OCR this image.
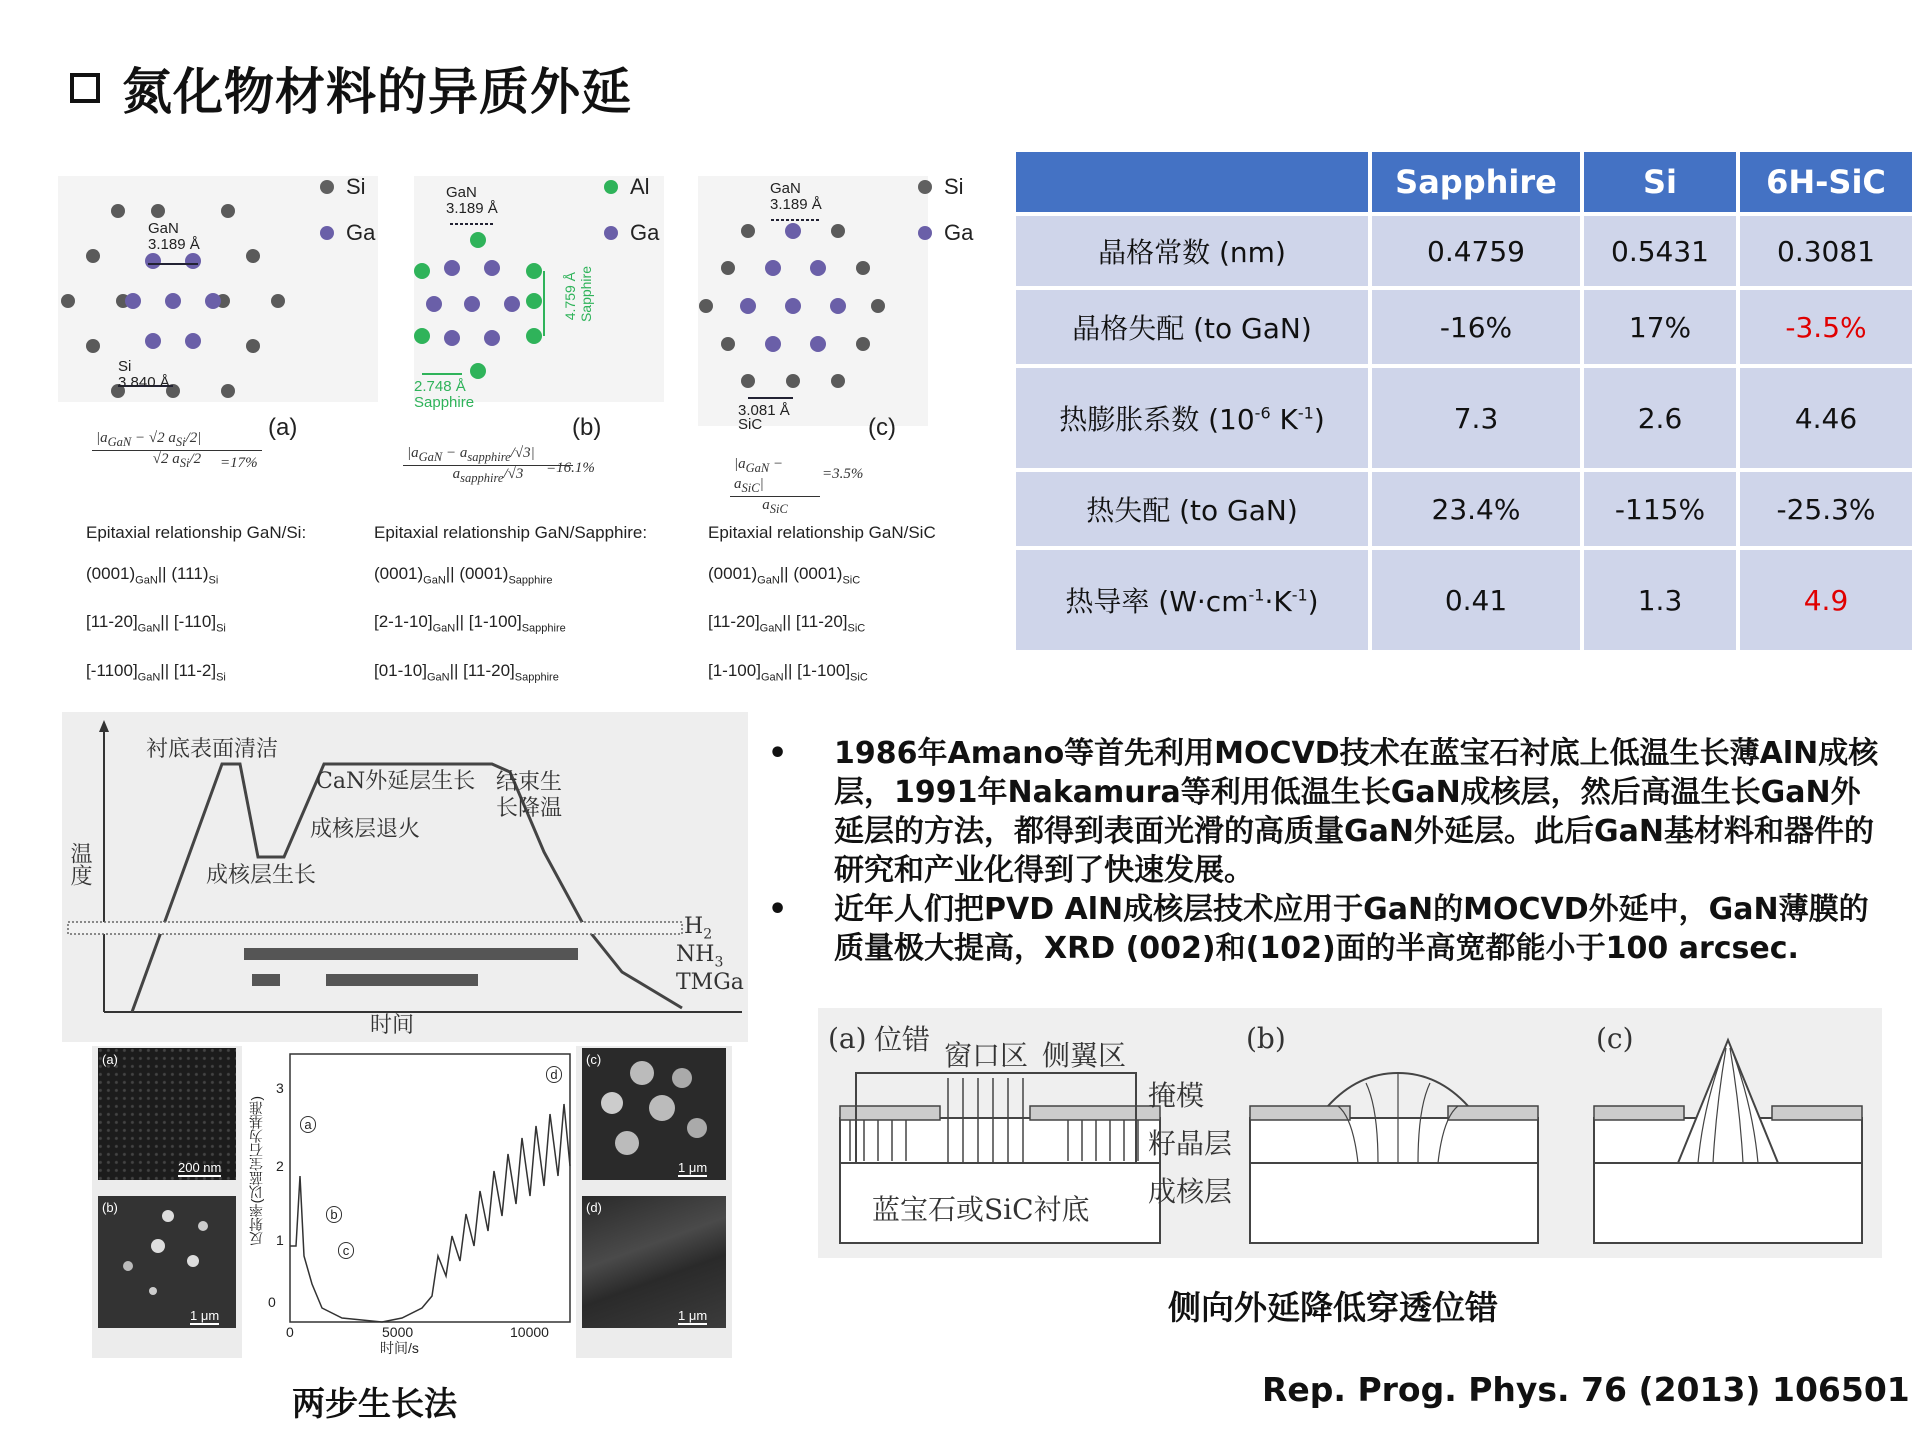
氮化物材料的异质外延
GaN
3.189 Å
Si
3.840 Å
Si
Ga
(a)
$|a_{GaN} - √2$ $a_{Si}/2|$
√2 $a_{Si}/2$	=17%
Epitaxial relationship GaN/Si:
$(0001)_{GaN}||$ $(111)_{Si}$
$[11-20]_{GaN}||$ $[-110]_{Si}$
$[-1100]_{GaN}||$ $[11-2]_{Si}$
GaN
3.189 Å
2.748 Å
Sapphire
4.759 Å Sapphire
Al
Ga
(b)
$|a_{GaN} - a_{sapphire}/√3|$
$a_{sapphire}/√3$	=16.1%
Epitaxial relationship GaN/Sapphire:
$(0001)_{GaN}||$ $(0001)_{Sapphire}$
$[2-1-10]_{GaN}||$ $[1-100]_{Sapphire}$
$[01-10]_{GaN}||$ $[11-20]_{Sapphire}$
GaN
3.189 Å
3.081 Å
SiC
Si
Ga
(c)
$|a_{GaN} - a_{SiC}|$
$a_{SiC}$
=3.5%
Epitaxial relationship GaN/SiC
$(0001)_{GaN}||$ $(0001)_{SiC}$
$[11-20]_{GaN}||$ $[11-20]_{SiC}$
$[1-100]_{GaN}||$ $[1-100]_{SiC}$
	Sapphire	Si	6H-SiC
晶格常数 (nm)	0.4759	0.5431	0.3081
晶格失配 (to GaN)	-16%	17%	-3.5%
热膨胀系数 ($10^{-6}$ $K^{-1}$)	7.3	2.6	4.46
热失配 (to GaN)	23.4%	-115%	-25.3%
热导率 $(W\cdot cm^{-1}\cdot K^{-1})$	0.41	1.3	4.9
衬底表面清洁
CaN外延层生长 结束生
长降温
成核层退火
成核层生长
温度
时间
$H_2$
$NH_3$
TMGa
(a)
200 nm
(b)
1 μm
(c)
1 μm
(d)
1 μm
0
1
2
3
0	5000	10000
时间/s
反射率(以蓝宝石为基准)	a
b
c
d
两步生长法
•	1986年Amano等首先利用MOCVD技术在蓝宝石衬底上低温生长薄AlN成核层，1991年Nakamura等利用低温生长GaN成核层，然后高温生长GaN外延层的方法，都得到表面光滑的高质量GaN外延层。此后GaN基材料和器件的研究和产业化得到了快速发展。
•	近年人们把PVD AlN成核层技术应用于GaN的MOCVD外延中，GaN薄膜的质量极大提高，XRD (002)和(102)面的半高宽都能小于100 arcsec.
(a) 位错 窗口区 侧翼区
(b)	(c)
掩模
籽晶层
成核层
蓝宝石或SiC衬底
侧向外延降低穿透位错
Rep. Prog. Phys. 76 (2013) 106501
